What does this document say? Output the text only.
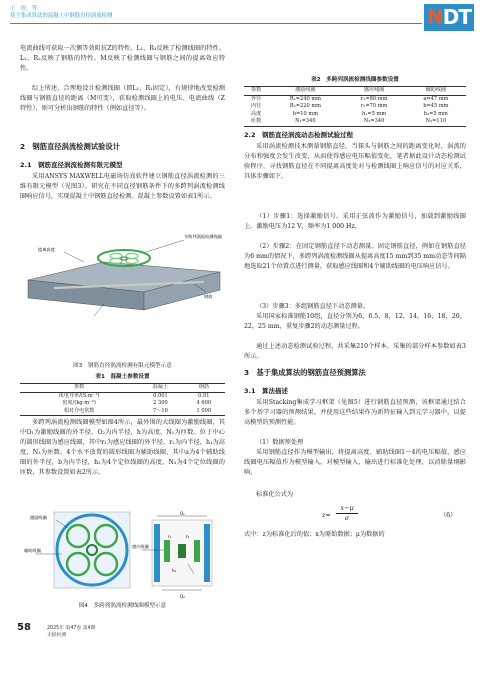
王　煜，等：
基于集成算法的混凝土中钢筋直径涡流检测	NDT
电流曲线可获取一次侧等效阻抗Z的特性。L₁、R₁反映了检测线圈的特性。L₂、R₂反映了钢筋的特性。M反映了检测线圈与钢筋之间的提离效应特性。
综上所述，合理地设计检测线圈（即L₁、R₁固定），有规律地改变检测线圈与钢筋直径的距离（M可变），获取检测线圈上的电压、电流曲线（Z特性），则可分析出钢筋的特性（例如直径等）。
2　钢筋直径涡流检测试验设计
2.1　钢筋直径涡流检测有限元模型
采用ANSYS MAXWELL电磁场仿真软件建立钢筋直径涡流检测的三维有限元模型（见图3）。研究在不同直径钢筋条件下的多跨列涡流检测线圈响应信号，实现混凝土中钢筋直径检测。混凝土参数设置如表1所示。
多跨列涡流检测线圈
提离高度
钢筋
图3　钢筋直径涡流检测有限元模型示意
表1　混凝土参数设置
参数	混凝土	钢筋
体电导率/(S·m⁻¹)	0.001	0.01
密度/(kg·m⁻³)	2 300	4 600
相对介电常数	7～10	1 000
多跨列涡流检测线圈模型如图4所示，最外围的大线圈为激励线圈，其中O₁为激励线圈的外半径，O₂为内半径，h为高度，N₁为匝数。位于中心的圆形线圈为感应线圈，其中r₁为感应线圈的外半径，r₂为内半径，h₁为高度，N₂为匝数。4个水平放置的圆形线圈为辅助线圈，其中a为4个辅助线圈的外半径，b为内半径，h₂为4个定位线圈的高度，N₃为4个定位线圈的匝数，其参数设置如表2所示。
激励线圈
辅助线圈
O₁
O₂
r₁	r₂
h₁
感应线圈
图4　多跨列涡流检测线圈模型示意
表2　多跨列涡流检测线圈参数设置
参数	激励线圈	感应线圈	辅助线圈
外径	R₁=240 mm	r₁=80 mm	a=47 mm
内径	R₂=220 mm	r₂=70 mm	b=45 mm
高度	h=10 mm	h₁=5 mm	h₂=5 mm
匝数	N₁=340	N₂=340	N₃=110
2.2　钢筋直径涡流动态检测试验过程
采用涡流检测技术测量钢筋直径，当探头与钢筋之间的距离变化时，涡流的分布和强度会发生改变，从而使得感应电压幅值变化，笔者据此设计动态检测试验程序，寻找钢筋直径在不同提离高度处对与检测线圈上响应信号的对应关系，具体步骤如下。
（1）步骤1：选择激励信号。采用正弦波作为激励信号，加载到激励线圈上。激励电压为12 V，频率为1 000 Hz。
（2）步骤2：在固定钢筋直径下动态测量。固定钢筋直径，例如在钢筋直径为6 mm的情况下，多跨列涡流检测线圈从提离高度15 mm到35 mm动态等间隔地选取21个位置点进行测量，获取感应线圈和4个辅助线圈的电压响应信号。
（3）步骤3：多组钢筋直径下动态测量。
采用国家标准钢筋10组，直径分别为6，6.5，8，12，14，16，18，20，22，25 mm，重复步骤2的动态测量过程。
通过上述动态检测试验过程，共采集210个样本，采集的部分样本参数如表3所示。
3　基于集成算法的钢筋直径预测算法
3.1　算法描述
采用Stacking集成学习框架（见图5）进行钢筋直径预测，该框架通过结合多个基学习器的预测结果，并使用这些结果作为新特征输入到元学习器中，以提高模型的预测性能。
（1）数据预处理
采用钢筋直径作为模型输出，将提离高度、辅助线圈1～4的电压幅值、感应线圈电压幅值作为模型输入。对模型输入、输出进行标准化处理，以消除量纲影响。
标准化公式为
z=
x−μ
σ	（6）
式中：z为标准化后的值；x为原始数据；μ为数据的
58	2025年 第47卷 第4期
无损检测
